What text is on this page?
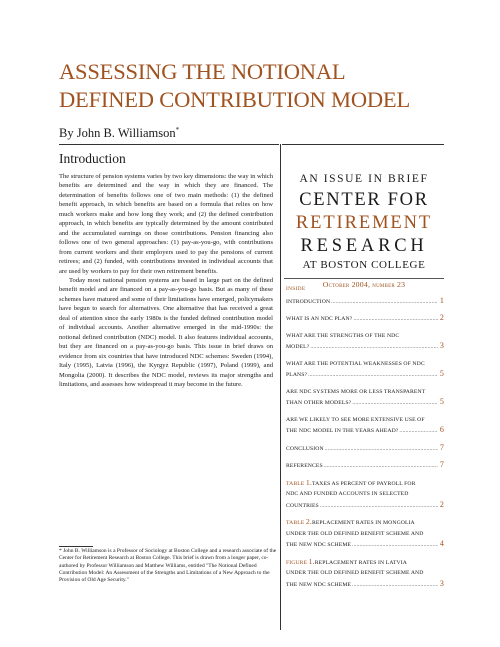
ASSESSING THE NOTIONAL
DEFINED CONTRIBUTION MODEL
By John B. Williamson*
Introduction

The structure of pension systems varies by two key dimensions: the way in which benefits are determined and the way in which they are financed. The determination of benefits follows one of two main methods: (1) the defined benefit approach, in which benefits are based on a formula that relies on how much workers make and how long they work; and (2) the defined contribution approach, in which benefits are typically determined by the amount contributed and the accumulated earnings on those contributions. Pension financing also follows one of two general approaches: (1) pay-as-you-go, with contributions from current workers and their employers used to pay the pensions of current retirees; and (2) funded, with contributions invested in individual accounts that are used by workers to pay for their own retirement benefits.

Today most national pension systems are based in large part on the defined benefit model and are financed on a pay-as-you-go basis. But as many of these schemes have matured and some of their limitations have emerged, policymakers have begun to search for alternatives. One alternative that has received a great deal of attention since the early 1980s is the funded defined contribution model of individual accounts. Another alternative emerged in the mid-1990s: the notional defined contribution (NDC) model. It also features individual accounts, but they are financed on a pay-as-you-go basis. This issue in brief draws on evidence from six countries that have introduced NDC schemes: Sweden (1994), Italy (1995), Latvia (1996), the Kyrgyz Republic (1997), Poland (1999), and Mongolia (2000). It describes the NDC model, reviews its major strengths and limitations, and assesses how widespread it may become in the future.

* John B. Williamson is a Professor of Sociology at Boston College and a research associate of the Center for Retirement Research at Boston College. This brief is drawn from a longer paper, co-authored by Professor Williamson and Matthew Williams, entitled "The Notional Defined Contribution Model: An Assessment of the Strengths and Limitations of a New Approach to the Provision of Old Age Security."
AN ISSUE IN BRIEF
CENTER FOR
RETIREMENT
RESEARCH
AT BOSTON COLLEGE
October 2004, number 23
INSIDE
INTRODUCTION .....	1
WHAT IS AN NDC PLAN? .....	2
WHAT ARE THE STRENGTHS OF THE NDC
MODEL? .....	3
WHAT ARE THE POTENTIAL WEAKNESSES OF NDC
PLANS? .....	5
ARE NDC SYSTEMS MORE OR LESS TRANSPARENT
THAN OTHER MODELS? .....	5
ARE WE LIKELY TO SEE MORE EXTENSIVE USE OF
THE NDC MODEL IN THE YEARS AHEAD? .....	6
CONCLUSION .....	7
REFERENCES .....	7
TABLE 1. TAXES AS PERCENT OF PAYROLL FOR
NDC AND FUNDED ACCOUNTS IN SELECTED
COUNTRIES .....	2
TABLE 2. REPLACEMENT RATES IN MONGOLIA
UNDER THE OLD DEFINED BENEFIT SCHEME AND
THE NEW NDC SCHEME .....	4
FIGURE 1. REPLACEMENT RATES IN LATVIA
UNDER THE OLD DEFINED BENEFIT SCHEME AND
THE NEW NDC SCHEME .....	3
